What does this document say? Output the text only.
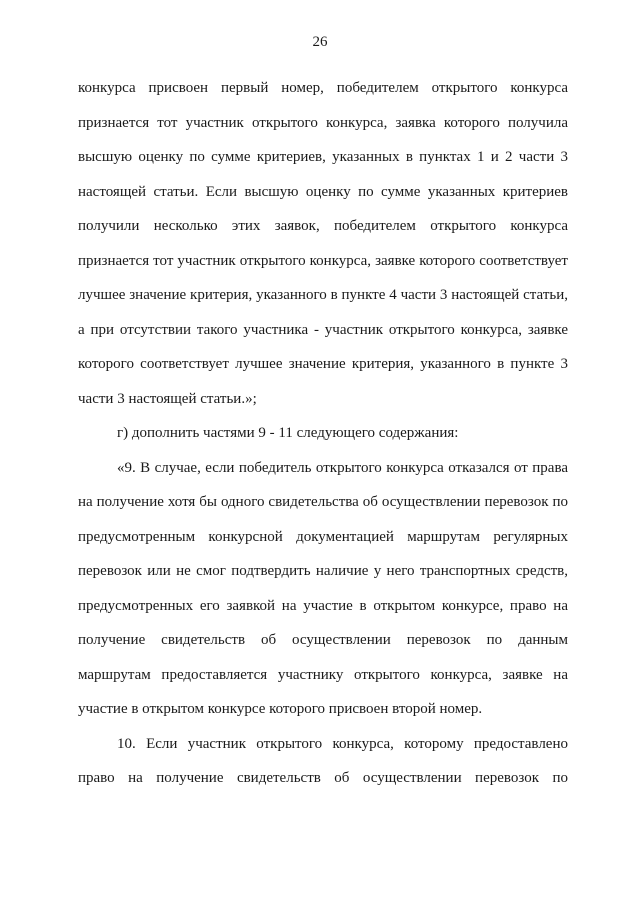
26

конкурса присвоен первый номер, победителем открытого конкурса признается тот участник открытого конкурса, заявка которого получила высшую оценку по сумме критериев, указанных в пунктах 1 и 2 части 3 настоящей статьи. Если высшую оценку по сумме указанных критериев получили несколько этих заявок, победителем открытого конкурса признается тот участник открытого конкурса, заявке которого соответствует лучшее значение критерия, указанного в пункте 4 части 3 настоящей статьи, а при отсутствии такого участника - участник открытого конкурса, заявке которого соответствует лучшее значение критерия, указанного в пункте 3 части 3 настоящей статьи.»;

г) дополнить частями 9 - 11 следующего содержания:

«9. В случае, если победитель открытого конкурса отказался от права на получение хотя бы одного свидетельства об осуществлении перевозок по предусмотренным конкурсной документацией маршрутам регулярных перевозок или не смог подтвердить наличие у него транспортных средств, предусмотренных его заявкой на участие в открытом конкурсе, право на получение свидетельств об осуществлении перевозок по данным маршрутам предоставляется участнику открытого конкурса, заявке на участие в открытом конкурсе которого присвоен второй номер.

10. Если участник открытого конкурса, которому предоставлено право на получение свидетельств об осуществлении перевозок по
